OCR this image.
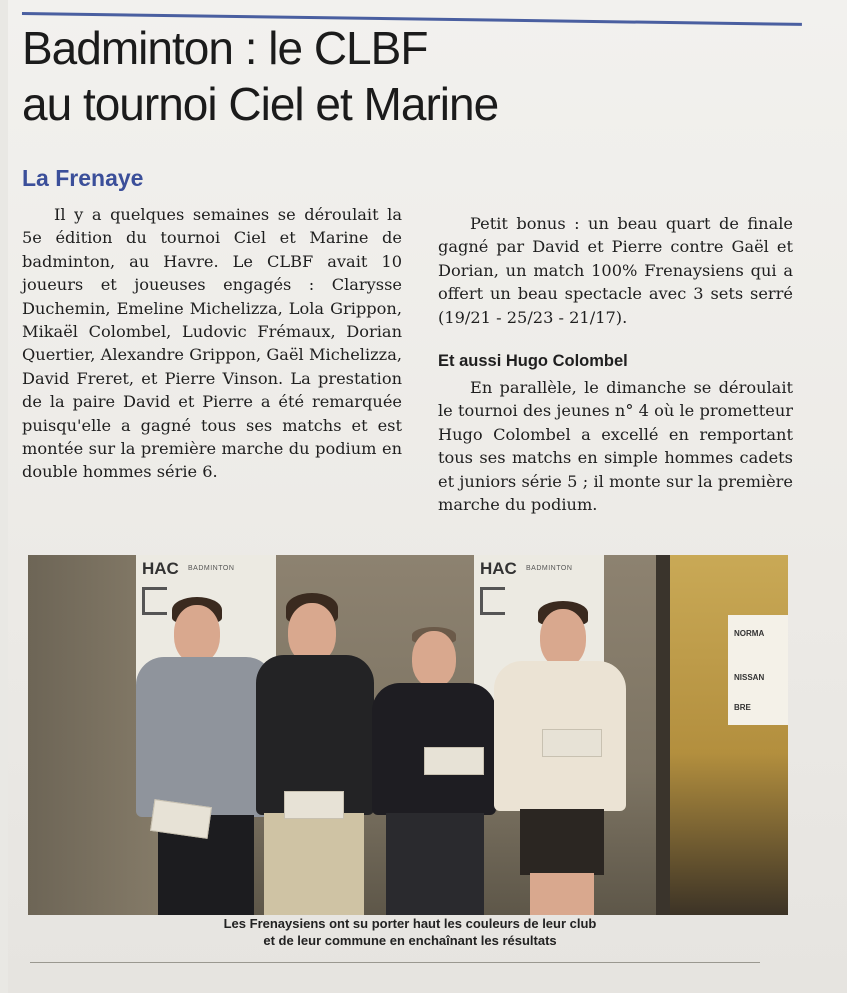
Badminton : le CLBF
au tournoi Ciel et Marine
La Frenaye

Il y a quelques semaines se déroulait la 5e édition du tournoi Ciel et Marine de badminton, au Havre. Le CLBF avait 10 joueurs et joueuses engagés : Clarysse Duchemin, Emeline Michelizza, Lola Grippon, Mikaël Colombel, Ludovic Frémaux, Dorian Quertier, Alexandre Grippon, Gaël Michelizza, David Freret, et Pierre Vinson. La prestation de la paire David et Pierre a été remarquée puisqu'elle a gagné tous ses matchs et est montée sur la première marche du podium en double hommes série 6.

Petit bonus : un beau quart de finale gagné par David et Pierre contre Gaël et Dorian, un match 100% Frenaysiens qui a offert un beau spectacle avec 3 sets serré (19/21 - 25/23 - 21/17).

Et aussi Hugo Colombel

En parallèle, le dimanche se déroulait le tournoi des jeunes n° 4 où le prometteur Hugo Colombel a excellé en remportant tous ses matchs en simple hommes cadets et juniors série 5 ; il monte sur la première marche du podium.

HAC BADMINTON	HAC BADMINTON
NORMA
NISSAN
BRE
Les Frenaysiens ont su porter haut les couleurs de leur club
et de leur commune en enchaînant les résultats
